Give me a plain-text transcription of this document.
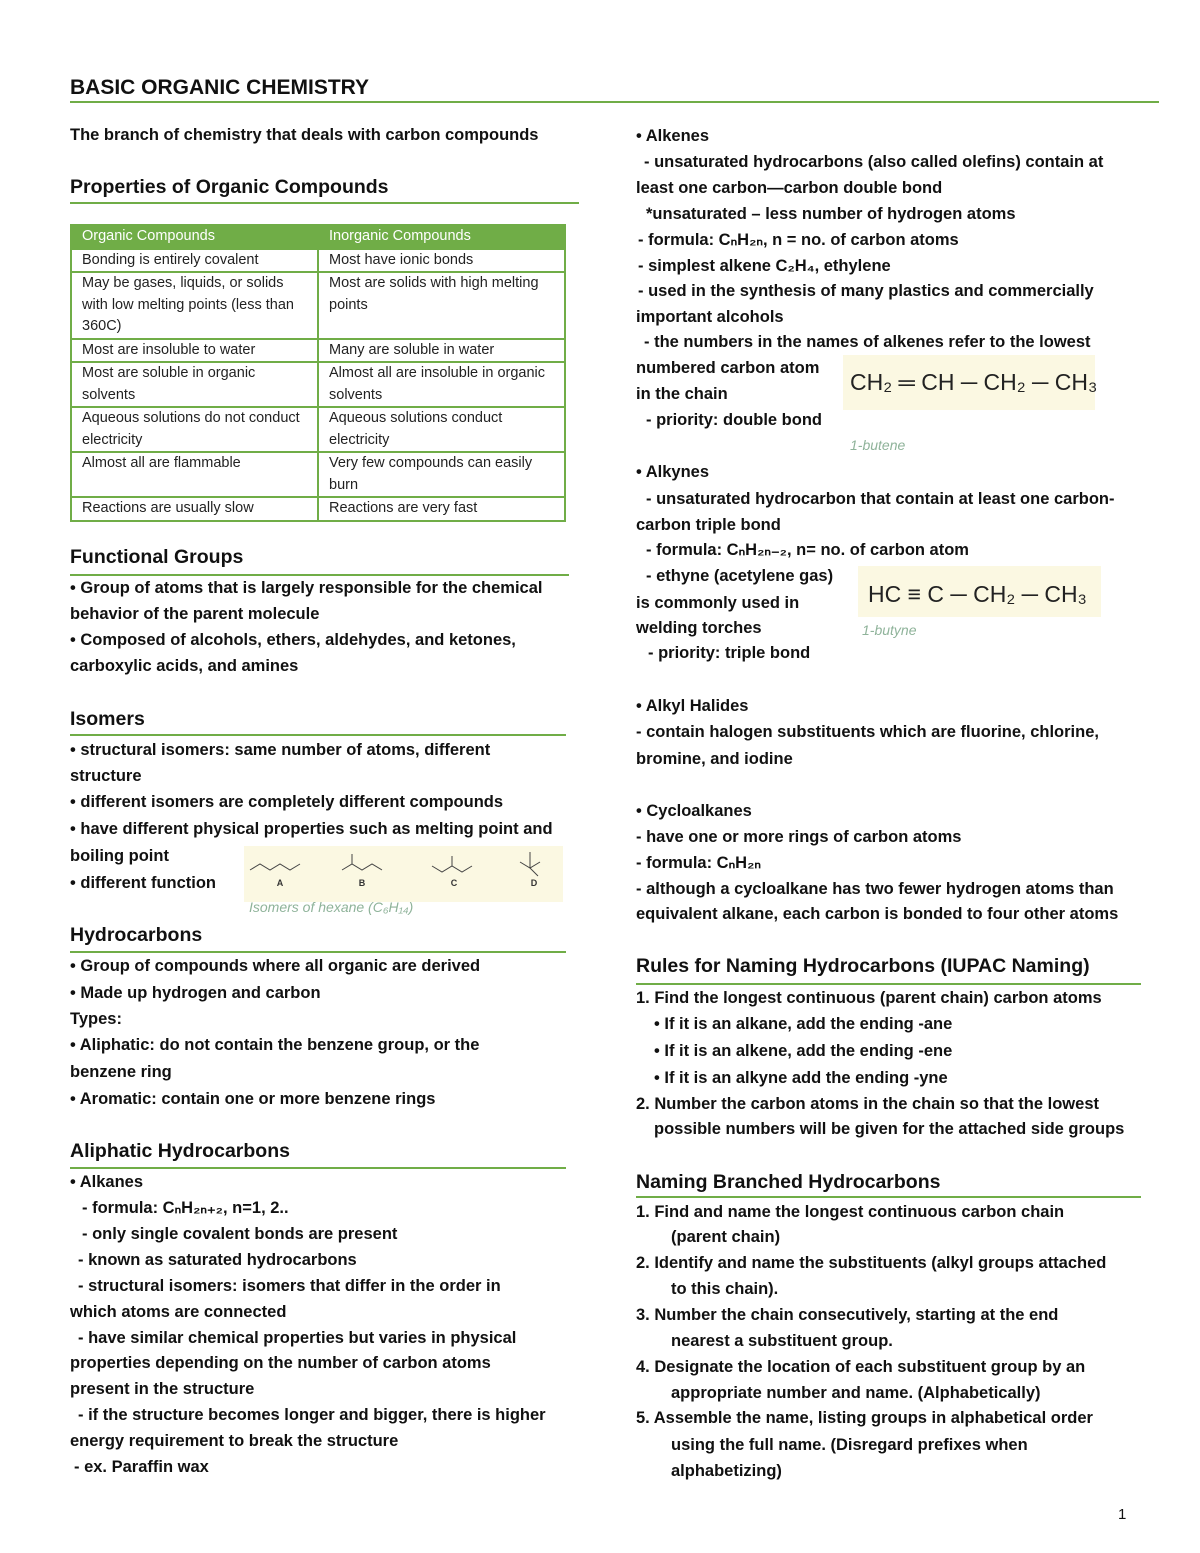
BASIC ORGANIC CHEMISTRY
The branch of chemistry that deals with carbon compounds
Properties of Organic Compounds
Organic Compounds	Inorganic Compounds
Bonding is entirely covalent	Most have ionic bonds
May be gases, liquids, or solids with low melting points (less than 360C)	Most are solids with high melting points
Most are insoluble to water	Many are soluble in water
Most are soluble in organic solvents	Almost all are insoluble in organic solvents
Aqueous solutions do not conduct electricity	Aqueous solutions conduct electricity
Almost all are flammable	Very few compounds can easily burn
Reactions are usually slow	Reactions are very fast
Functional Groups
• Group of atoms that is largely responsible for the chemical
behavior of the parent molecule
• Composed of alcohols, ethers, aldehydes, and ketones,
carboxylic acids, and amines
Isomers
• structural isomers: same number of atoms, different
structure
• different isomers are completely different compounds
• have different physical properties such as melting point and
boiling point
• different function	A	B	C	D
Isomers of hexane (C₆H₁₄)
Hydrocarbons
• Group of compounds where all organic are derived
• Made up hydrogen and carbon
Types:
• Aliphatic: do not contain the benzene group, or the
benzene ring
• Aromatic: contain one or more benzene rings
Aliphatic Hydrocarbons
• Alkanes
- formula: CₙH₂ₙ₊₂, n=1, 2..
- only single covalent bonds are present
- known as saturated hydrocarbons
- structural isomers: isomers that differ in the order in
which atoms are connected
- have similar chemical properties but varies in physical
properties depending on the number of carbon atoms
present in the structure
- if the structure becomes longer and bigger, there is higher
energy requirement to break the structure
- ex. Paraffin wax
• Alkenes
- unsaturated hydrocarbons (also called olefins) contain at
least one carbon—carbon double bond
*unsaturated – less number of hydrogen atoms
- formula: CₙH₂ₙ, n = no. of carbon atoms
- simplest alkene C₂H₄, ethylene
- used in the synthesis of many plastics and commercially
important alcohols
- the numbers in the names of alkenes refer to the lowest
numbered carbon atom
in the chain
- priority: double bond
CH₂ ═ CH ─ CH₂ ─ CH₃
1-butene
• Alkynes
- unsaturated hydrocarbon that contain at least one carbon-
carbon triple bond
- formula: CₙH₂ₙ₋₂, n= no. of carbon atom
- ethyne (acetylene gas)
is commonly used in
welding torches
- priority: triple bond
HC ≡ C ─ CH₂ ─ CH₃
1-butyne
• Alkyl Halides
- contain halogen substituents which are fluorine, chlorine,
bromine, and iodine
• Cycloalkanes
- have one or more rings of carbon atoms
- formula: CₙH₂ₙ
- although a cycloalkane has two fewer hydrogen atoms than
equivalent alkane, each carbon is bonded to four other atoms
Rules for Naming Hydrocarbons (IUPAC Naming)
1. Find the longest continuous (parent chain) carbon atoms
• If it is an alkane, add the ending -ane
• If it is an alkene, add the ending -ene
• If it is an alkyne add the ending -yne
2. Number the carbon atoms in the chain so that the lowest
possible numbers will be given for the attached side groups
Naming Branched Hydrocarbons
1. Find and name the longest continuous carbon chain
(parent chain)
2. Identify and name the substituents (alkyl groups attached
to this chain).
3. Number the chain consecutively, starting at the end
nearest a substituent group.
4. Designate the location of each substituent group by an
appropriate number and name. (Alphabetically)
5. Assemble the name, listing groups in alphabetical order
using the full name. (Disregard prefixes when
alphabetizing)
1
